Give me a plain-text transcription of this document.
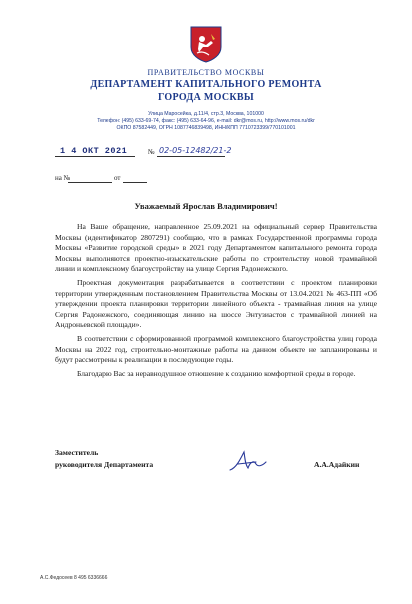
ПРАВИТЕЛЬСТВО МОСКВЫ
ДЕПАРТАМЕНТ КАПИТАЛЬНОГО РЕМОНТА
ГОРОДА МОСКВЫ
Улица Маросейка, д.11/4, стр.3, Москва, 101000
Телефон: (495) 633-69-74, факс: (495) 633-64-96, e-mail: dkr@mos.ru, http://www.mos.ru/dkr
ОКПО 87582449, ОГРН 1087746839498, ИНН/КПП 7710723399/770101001
1 4 ОКТ 2021	№ 02-05-12482/21-2
на №	от
Уважаемый Ярослав Владимирович!

На Ваше обращение, направленное 25.09.2021 на официальный сервер Правительства Москвы (идентификатор 2807291) сообщаю, что в рамках Государственной программы города Москвы «Развитие городской среды» в 2021 году Департаментом капитального ремонта города Москвы выполняются проектно-изыскательские работы по строительству новой трамвайной линии и комплексному благоустройству на улице Сергия Радонежского.

Проектная документация разрабатывается в соответствии с проектом планировки территории утвержденным постановлением Правительства Москвы от 13.04.2021 № 463-ПП «Об утверждении проекта планировки территории линейного объекта - трамвайная линия на улице Сергия Радонежского, соединяющая линию на шоссе Энтузиастов с трамвайной линией на Андроньевской площади».

В соответствии с сформированной программой комплексного благоустройства улиц города Москвы на 2022 год, строительно-монтажные работы на данном объекте не запланированы и будут рассмотрены к реализации в последующие годы.

Благодарю Вас за неравнодушное отношение к созданию комфортной среды в городе.

Заместитель
руководителя Департамента	А.А.Адайкин
А.С.Федосеев 8 495 6336666
